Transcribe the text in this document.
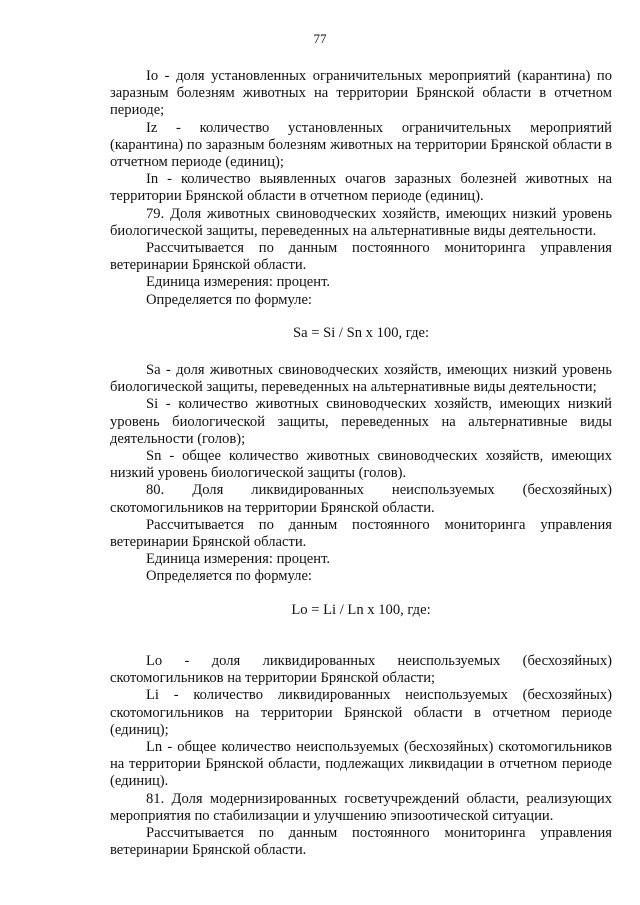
77

Io - доля установленных ограничительных мероприятий (карантина) по заразным болезням животных на территории Брянской области в отчетном периоде;

Iz - количество установленных ограничительных мероприятий (карантина) по заразным болезням животных на территории Брянской области в отчетном периоде (единиц);

In - количество выявленных очагов заразных болезней животных на территории Брянской области в отчетном периоде (единиц).

79. Доля животных свиноводческих хозяйств, имеющих низкий уровень биологической защиты, переведенных на альтернативные виды деятельности.

Рассчитывается по данным постоянного мониторинга управления ветеринарии Брянской области.

Единица измерения: процент.

Определяется по формуле:

Sa = Si / Sn x 100, где:

Sa - доля животных свиноводческих хозяйств, имеющих низкий уровень биологической защиты, переведенных на альтернативные виды деятельности;

Si - количество животных свиноводческих хозяйств, имеющих низкий уровень биологической защиты, переведенных на альтернативные виды деятельности (голов);

Sn - общее количество животных свиноводческих хозяйств, имеющих низкий уровень биологической защиты (голов).

80. Доля ликвидированных неиспользуемых (бесхозяйных) скотомогильников на территории Брянской области.

Рассчитывается по данным постоянного мониторинга управления ветеринарии Брянской области.

Единица измерения: процент.

Определяется по формуле:

Lo = Li / Ln x 100, где:

Lo - доля ликвидированных неиспользуемых (бесхозяйных) скотомогильников на территории Брянской области;

Li - количество ликвидированных неиспользуемых (бесхозяйных) скотомогильников на территории Брянской области в отчетном периоде (единиц);

Ln - общее количество неиспользуемых (бесхозяйных) скотомогильников на территории Брянской области, подлежащих ликвидации в отчетном периоде (единиц).

81. Доля модернизированных госветучреждений области, реализующих мероприятия по стабилизации и улучшению эпизоотической ситуации.

Рассчитывается по данным постоянного мониторинга управления ветеринарии Брянской области.
